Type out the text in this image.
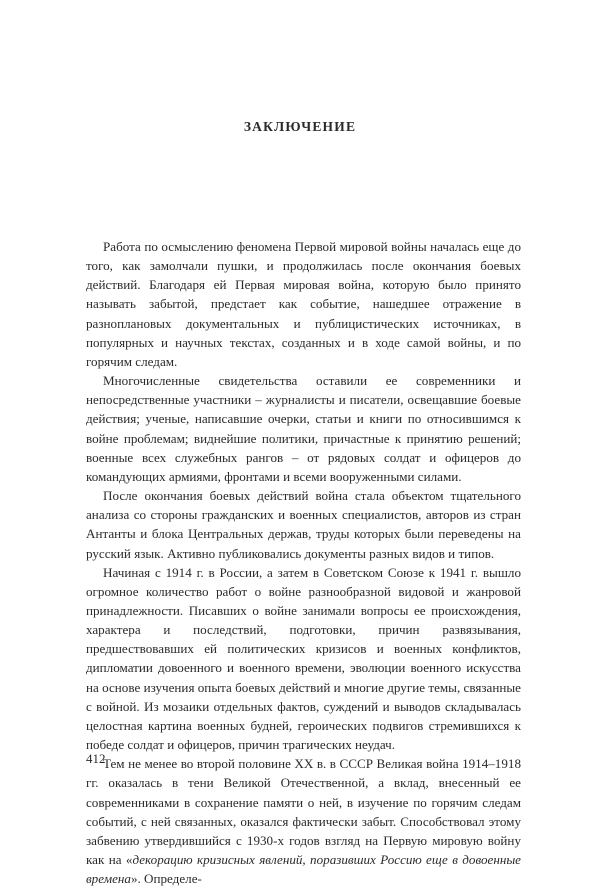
ЗАКЛЮЧЕНИЕ

Работа по осмыслению феномена Первой мировой войны началась еще до того, как замолчали пушки, и продолжилась после окончания боевых действий. Благодаря ей Первая мировая война, которую было принято называть забытой, предстает как событие, нашедшее отражение в разноплановых документальных и публицистических источниках, в популярных и научных текстах, созданных и в ходе самой войны, и по горячим следам.

Многочисленные свидетельства оставили ее современники и непосредственные участники – журналисты и писатели, освещавшие боевые действия; ученые, написавшие очерки, статьи и книги по относившимся к войне проблемам; виднейшие политики, причастные к принятию решений; военные всех служебных рангов – от рядовых солдат и офицеров до командующих армиями, фронтами и всеми вооруженными силами.

После окончания боевых действий война стала объектом тщательного анализа со стороны гражданских и военных специалистов, авторов из стран Антанты и блока Центральных держав, труды которых были переведены на русский язык. Активно публиковались документы разных видов и типов.

Начиная с 1914 г. в России, а затем в Советском Союзе к 1941 г. вышло огромное количество работ о войне разнообразной видовой и жанровой принадлежности. Писавших о войне занимали вопросы ее происхождения, характера и последствий, подготовки, причин развязывания, предшествовавших ей политических кризисов и военных конфликтов, дипломатии довоенного и военного времени, эволюции военного искусства на основе изучения опыта боевых действий и многие другие темы, связанные с войной. Из мозаики отдельных фактов, суждений и выводов складывалась целостная картина военных будней, героических подвигов стремившихся к победе солдат и офицеров, причин трагических неудач.

Тем не менее во второй половине XX в. в СССР Великая война 1914–1918 гг. оказалась в тени Великой Отечественной, а вклад, внесенный ее современниками в сохранение памяти о ней, в изучение по горячим следам событий, с ней связанных, оказался фактически забыт. Способствовал этому забвению утвердившийся с 1930-х годов взгляд на Первую мировую войну как на «декорацию кризисных явлений, поразивших Россию еще в довоенные времена». Определе-

412
